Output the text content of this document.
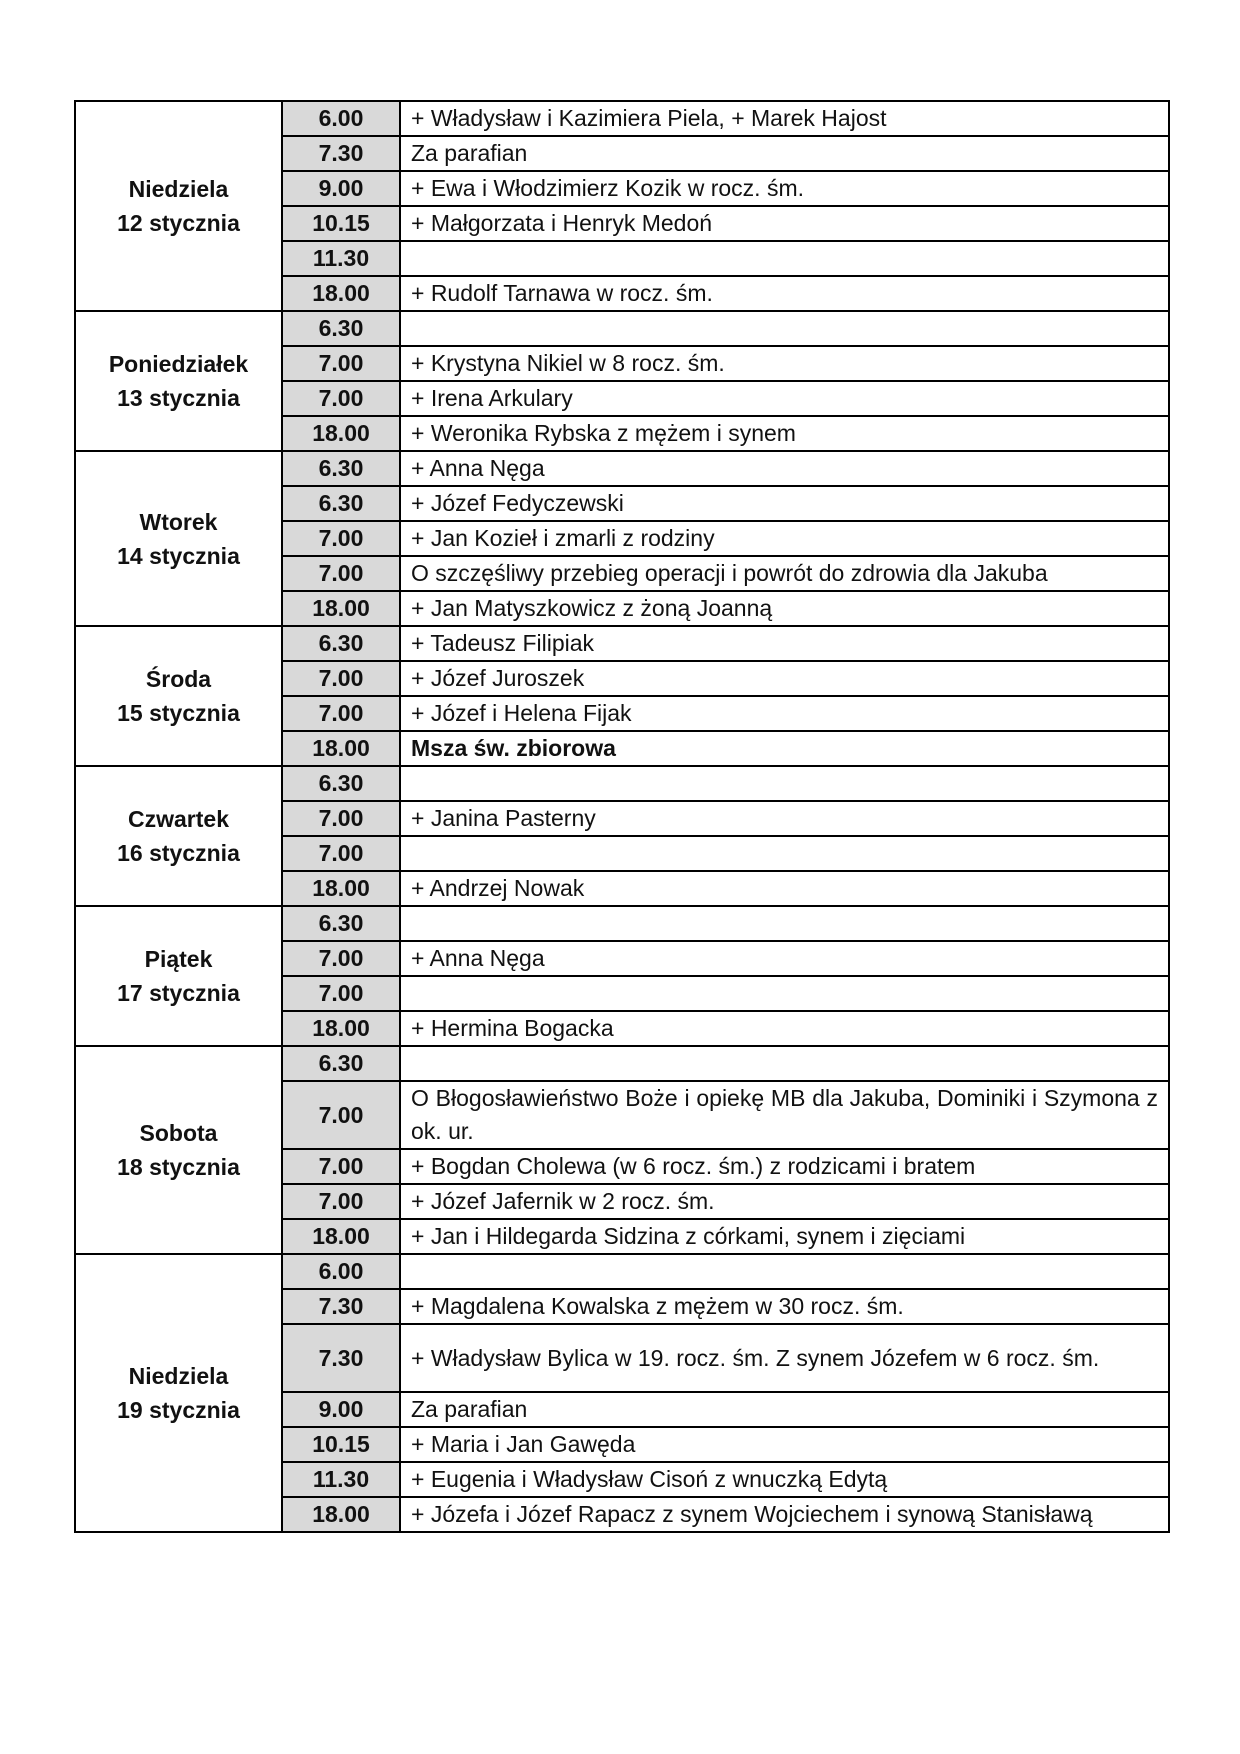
Niedziela
12 stycznia	6.00	+ Władysław i Kazimiera Piela, + Marek Hajost
	7.30	Za parafian
	9.00	+ Ewa i Włodzimierz Kozik w rocz. śm.
	10.15	+ Małgorzata i Henryk Medoń
	11.30	
	18.00	+ Rudolf Tarnawa w rocz. śm.

Poniedziałek
13 stycznia	6.30	
	7.00	+ Krystyna Nikiel w 8 rocz. śm.
	7.00	+ Irena Arkulary
	18.00	+ Weronika Rybska z mężem i synem

Wtorek
14 stycznia	6.30	+ Anna Nęga
	6.30	+ Józef Fedyczewski
	7.00	+ Jan Kozieł i zmarli z rodziny
	7.00	O szczęśliwy przebieg operacji i powrót do zdrowia dla Jakuba
	18.00	+ Jan Matyszkowicz z żoną Joanną

Środa
15 stycznia	6.30	+ Tadeusz Filipiak
	7.00	+ Józef Juroszek
	7.00	+ Józef i Helena Fijak
	18.00	Msza św. zbiorowa

Czwartek
16 stycznia	6.30	
	7.00	+ Janina Pasterny
	7.00	
	18.00	+ Andrzej Nowak

Piątek
17 stycznia	6.30	
	7.00	+ Anna Nęga
	7.00	
	18.00	+ Hermina Bogacka

Sobota
18 stycznia	6.30	
	7.00	O Błogosławieństwo Boże i opiekę MB dla Jakuba, Dominiki i Szymona z ok. ur.
	7.00	+ Bogdan Cholewa (w 6 rocz. śm.) z rodzicami i bratem
	7.00	+ Józef Jafernik w 2 rocz. śm.
	18.00	+ Jan i Hildegarda Sidzina z córkami, synem i zięciami

Niedziela
19 stycznia	6.00	
	7.30	+ Magdalena Kowalska z mężem w 30 rocz. śm.
	7.30	+ Władysław Bylica w 19. rocz. śm. Z synem Józefem w 6 rocz. śm.
	9.00	Za parafian
	10.15	+ Maria i Jan Gawęda
	11.30	+ Eugenia i Władysław Cisoń z wnuczką Edytą
	18.00	+ Józefa i Józef Rapacz z synem Wojciechem i synową Stanisławą
